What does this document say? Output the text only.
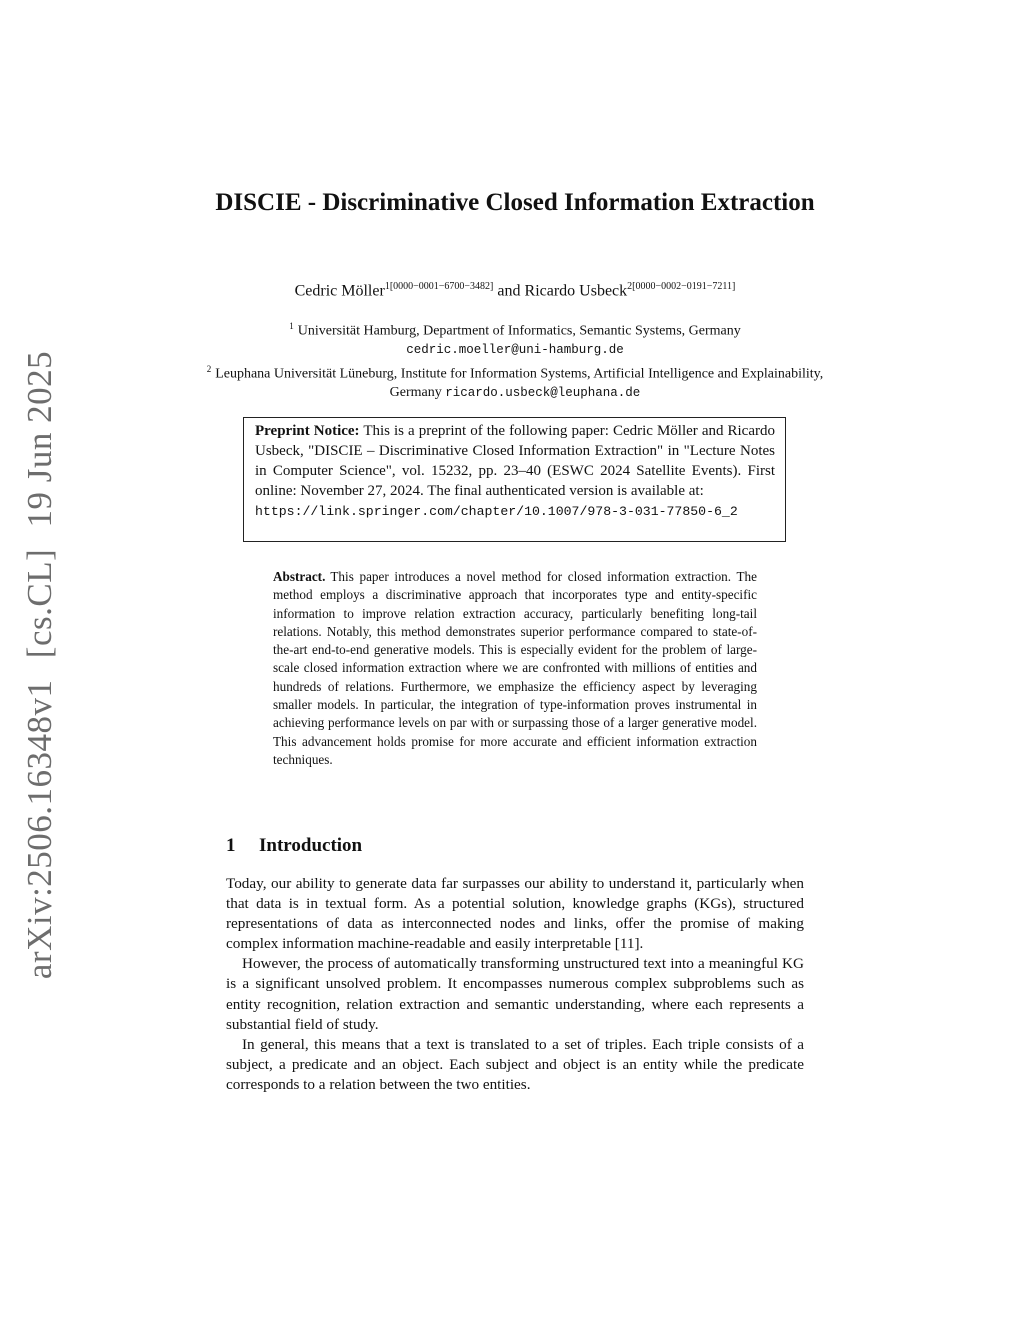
arXiv:2506.16348v1 [cs.CL] 19 Jun 2025
DISCIE - Discriminative Closed Information Extraction
Cedric Möller$^{1[0000-0001-6700-3482]}$ and Ricardo Usbeck$^{2[0000-0002-0191-7211]}$
$^1$ Universität Hamburg, Department of Informatics, Semantic Systems, Germany
cedric.moeller@uni-hamburg.de
$^2$ Leuphana Universität Lüneburg, Institute for Information Systems, Artificial Intelligence and Explainability, Germany ricardo.usbeck@leuphana.de
Preprint Notice: This is a preprint of the following paper: Cedric Möller and Ricardo Usbeck, "DISCIE – Discriminative Closed Information Extraction" in "Lecture Notes in Computer Science", vol. 15232, pp. 23–40 (ESWC 2024 Satellite Events). First online: November 27, 2024. The final authenticated version is available at:
https://link.springer.com/chapter/10.1007/978-3-031-77850-6_2
Abstract. This paper introduces a novel method for closed information extraction. The method employs a discriminative approach that incorporates type and entity-specific information to improve relation extraction accuracy, particularly benefiting long-tail relations. Notably, this method demonstrates superior performance compared to state-of-the-art end-to-end generative models. This is especially evident for the problem of large-scale closed information extraction where we are confronted with millions of entities and hundreds of relations. Furthermore, we emphasize the efficiency aspect by leveraging smaller models. In particular, the integration of type-information proves instrumental in achieving performance levels on par with or surpassing those of a larger generative model. This advancement holds promise for more accurate and efficient information extraction techniques.
1 Introduction

Today, our ability to generate data far surpasses our ability to understand it, particularly when that data is in textual form. As a potential solution, knowledge graphs (KGs), structured representations of data as interconnected nodes and links, offer the promise of making complex information machine-readable and easily interpretable [11].

However, the process of automatically transforming unstructured text into a meaningful KG is a significant unsolved problem. It encompasses numerous complex subproblems such as entity recognition, relation extraction and semantic understanding, where each represents a substantial field of study.

In general, this means that a text is translated to a set of triples. Each triple consists of a subject, a predicate and an object. Each subject and object is an entity while the predicate corresponds to a relation between the two entities.
